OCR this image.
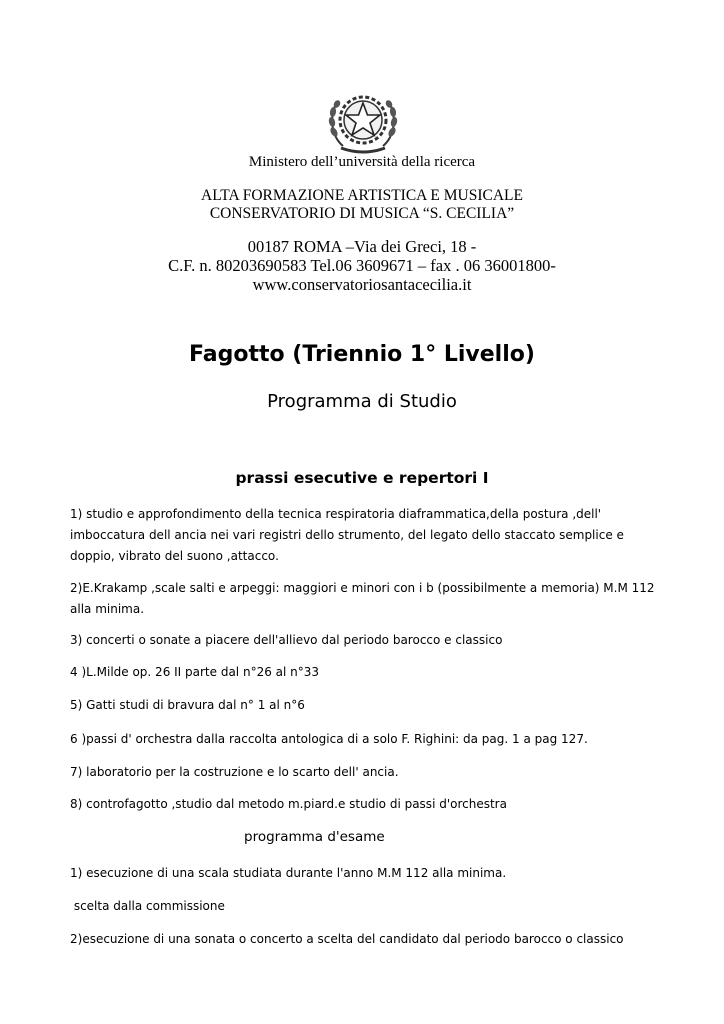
Ministero dell’università della ricerca
ALTA FORMAZIONE ARTISTICA E MUSICALE
CONSERVATORIO DI MUSICA “S. CECILIA”
00187 ROMA –Via dei Greci, 18 -
C.F. n. 80203690583 Tel.06 3609671 – fax . 06 36001800-
www.conservatoriosantacecilia.it
Fagotto (Triennio 1° Livello)
Programma di Studio
prassi esecutive e repertori I
1) studio e approfondimento della tecnica respiratoria diaframmatica,della postura ,dell'
imboccatura dell ancia nei vari registri dello strumento, del legato dello staccato semplice e
doppio, vibrato del suono ,attacco.
2)E.Krakamp ,scale salti e arpeggi: maggiori e minori con i b (possibilmente a memoria) M.M 112
alla minima.
3) concerti o sonate a piacere dell'allievo dal periodo barocco e classico
4 )L.Milde op. 26 II parte dal n°26 al n°33
5) Gatti studi di bravura dal n° 1 al n°6
6 )passi d' orchestra dalla raccolta antologica di a solo F. Righini: da pag. 1 a pag 127.
7) laboratorio per la costruzione e lo scarto dell' ancia.
8) controfagotto ,studio dal metodo m.piard.e studio di passi d'orchestra
programma d'esame
1) esecuzione di una scala studiata durante l'anno M.M 112 alla minima.
scelta dalla commissione
2)esecuzione di una sonata o concerto a scelta del candidato dal periodo barocco o classico
